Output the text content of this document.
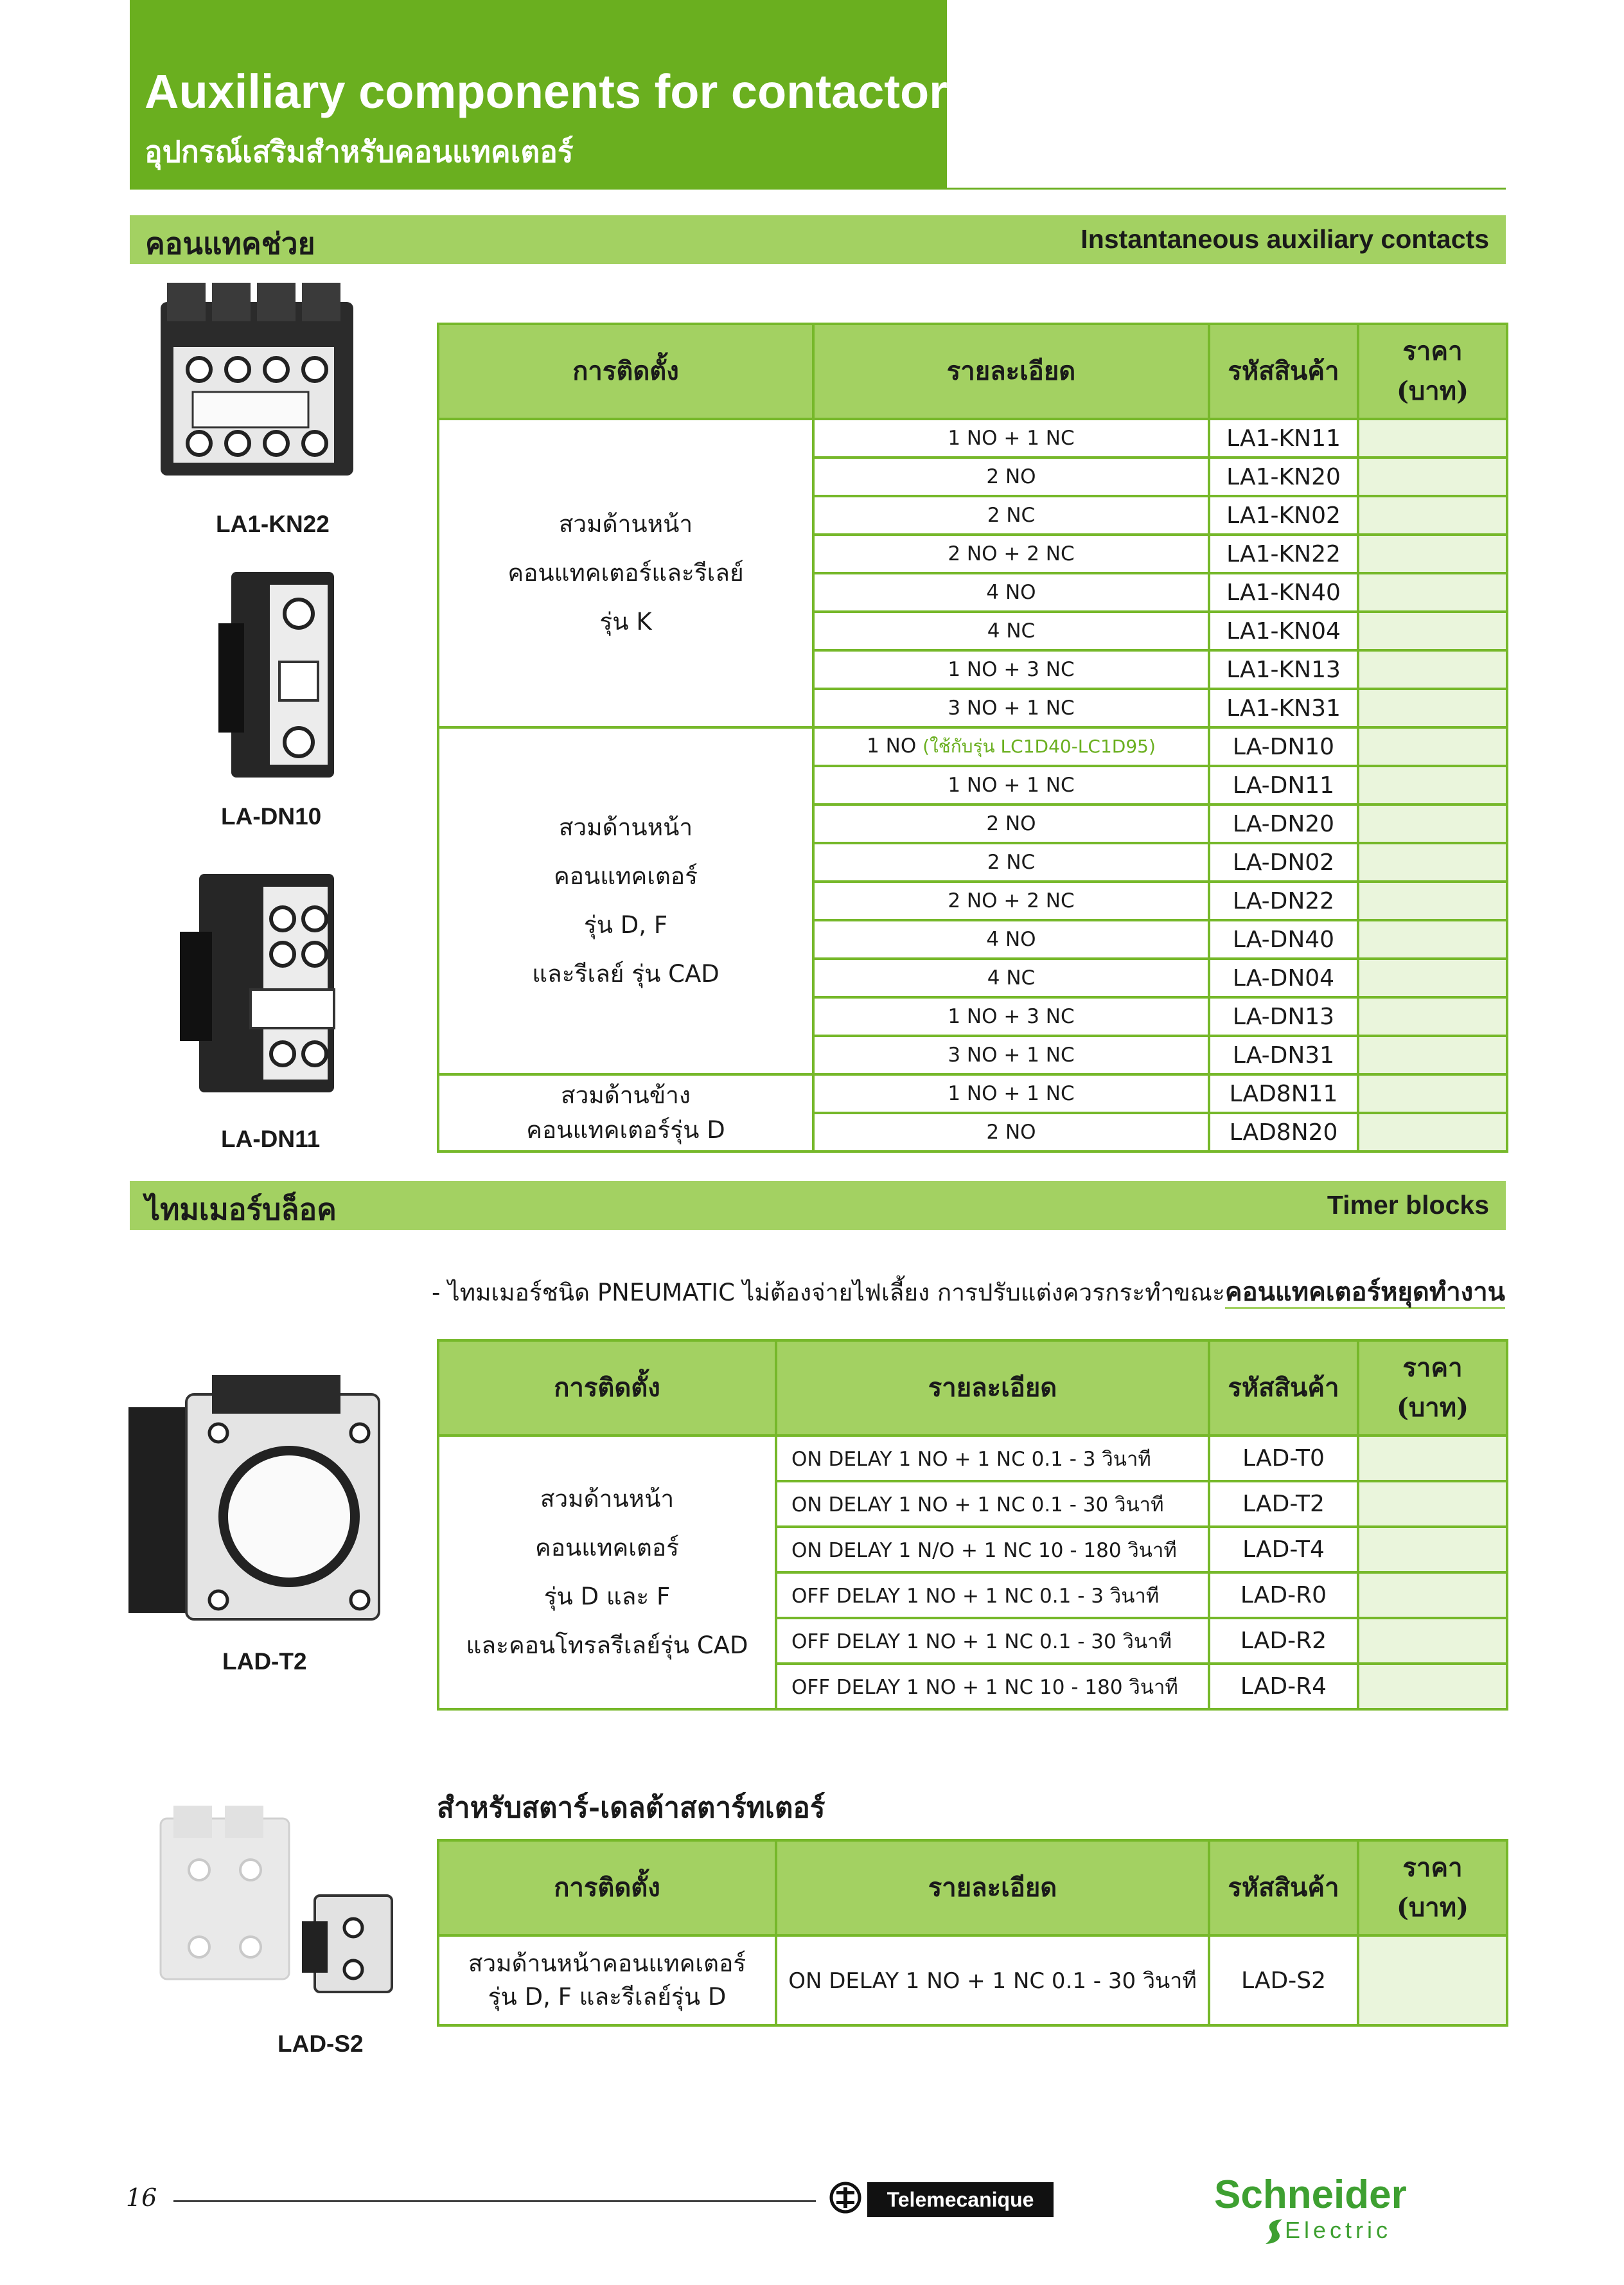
Auxiliary components for contactors
อุปกรณ์เสริมสำหรับคอนแทคเตอร์
คอนแทคช่วย	Instantaneous auxiliary contacts
LA1-KN22
LA-DN10
LA-DN11
การติดตั้ง	รายละเอียด	รหัสสินค้า	ราคา
(บาท)

สวมด้านหน้า
คอนแทคเตอร์และรีเลย์
รุ่น K	1 NO + 1 NC	LA1-KN11	
	2 NO	LA1-KN20	
	2 NC	LA1-KN02	
	2 NO + 2 NC	LA1-KN22	
	4 NO	LA1-KN40	
	4 NC	LA1-KN04	
	1 NO + 3 NC	LA1-KN13	
	3 NO + 1 NC	LA1-KN31	

สวมด้านหน้า
คอนแทคเตอร์
รุ่น D, F
และรีเลย์ รุ่น CAD	1 NO (ใช้กับรุ่น LC1D40-LC1D95)	LA-DN10	
	1 NO + 1 NC	LA-DN11	
	2 NO	LA-DN20	
	2 NC	LA-DN02	
	2 NO + 2 NC	LA-DN22	
	4 NO	LA-DN40	
	4 NC	LA-DN04	
	1 NO + 3 NC	LA-DN13	
	3 NO + 1 NC	LA-DN31	

สวมด้านข้าง
คอนแทคเตอร์รุ่น D	1 NO + 1 NC	LAD8N11	
	2 NO	LAD8N20	
ไทมเมอร์บล็อค	Timer blocks
- ไทมเมอร์ชนิด PNEUMATIC ไม่ต้องจ่ายไฟเลี้ยง การปรับแต่งควรกระทำขณะคอนแทคเตอร์หยุดทำงาน
LAD-T2
การติดตั้ง	รายละเอียด	รหัสสินค้า	ราคา
(บาท)

สวมด้านหน้า
คอนแทคเตอร์
รุ่น D และ F
และคอนโทรลรีเลย์รุ่น CAD	ON DELAY 1 NO + 1 NC 0.1 - 3 วินาที	LAD-T0	
	ON DELAY 1 NO + 1 NC 0.1 - 30 วินาที	LAD-T2	
	ON DELAY 1 N/O + 1 NC 10 - 180 วินาที	LAD-T4	
	OFF DELAY 1 NO + 1 NC 0.1 - 3 วินาที	LAD-R0	
	OFF DELAY 1 NO + 1 NC 0.1 - 30 วินาที	LAD-R2	
	OFF DELAY 1 NO + 1 NC 10 - 180 วินาที	LAD-R4	
สำหรับสตาร์-เดลต้าสตาร์ทเตอร์
LAD-S2
การติดตั้ง	รายละเอียด	รหัสสินค้า	ราคา
(บาท)

สวมด้านหน้าคอนแทคเตอร์
รุ่น D, F และรีเลย์รุ่น D	ON DELAY 1 NO + 1 NC 0.1 - 30 วินาที	LAD-S2	
16	Telemecanique	Schneider
Electric
